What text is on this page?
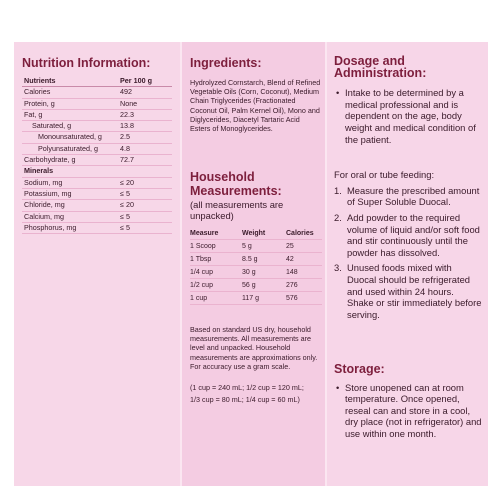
Nutrition Information:
Nutrients	Per 100 g
Calories	492
Protein, g	None
Fat, g	22.3
Saturated, g	13.8
Monounsaturated, g	2.5
Polyunsaturated, g	4.8
Carbohydrate, g	72.7
Minerals
Sodium, mg	≤ 20
Potassium, mg	≤ 5
Chloride, mg	≤ 20
Calcium, mg	≤ 5
Phosphorus, mg	≤ 5
Ingredients:
Hydrolyzed Cornstarch, Blend of Refined Vegetable Oils (Corn, Coconut), Medium Chain Triglycerides (Fractionated Coconut Oil, Palm Kernel Oil), Mono and Diglycerides, Diacetyl Tartaric Acid Esters of Monoglycerides.
Household Measurements:
(all measurements are unpacked)
Measure	Weight	Calories
1 Scoop	5 g	25
1 Tbsp	8.5 g	42
1/4 cup	30 g	148
1/2 cup	56 g	276
1 cup	117 g	576
Based on standard US dry, household measurements. All measurements are level and unpacked. Household measurements are approximations only. For accuracy use a gram scale.
(1 cup = 240 mL; 1/2 cup = 120 mL;
1/3 cup = 80 mL; 1/4 cup = 60 mL)
Dosage and Administration:
• Intake to be determined by a medical professional and is dependent on the age, body weight and medical condition of the patient.
For oral or tube feeding:
1. Measure the prescribed amount of Super Soluble Duocal.
2. Add powder to the required volume of liquid and/or soft food and stir continuously until the powder has dissolved.
3. Unused foods mixed with Duocal should be refrigerated and used within 24 hours. Shake or stir immediately before serving.
Storage:
• Store unopened can at room temperature. Once opened, reseal can and store in a cool, dry place (not in refrigerator) and use within one month.
